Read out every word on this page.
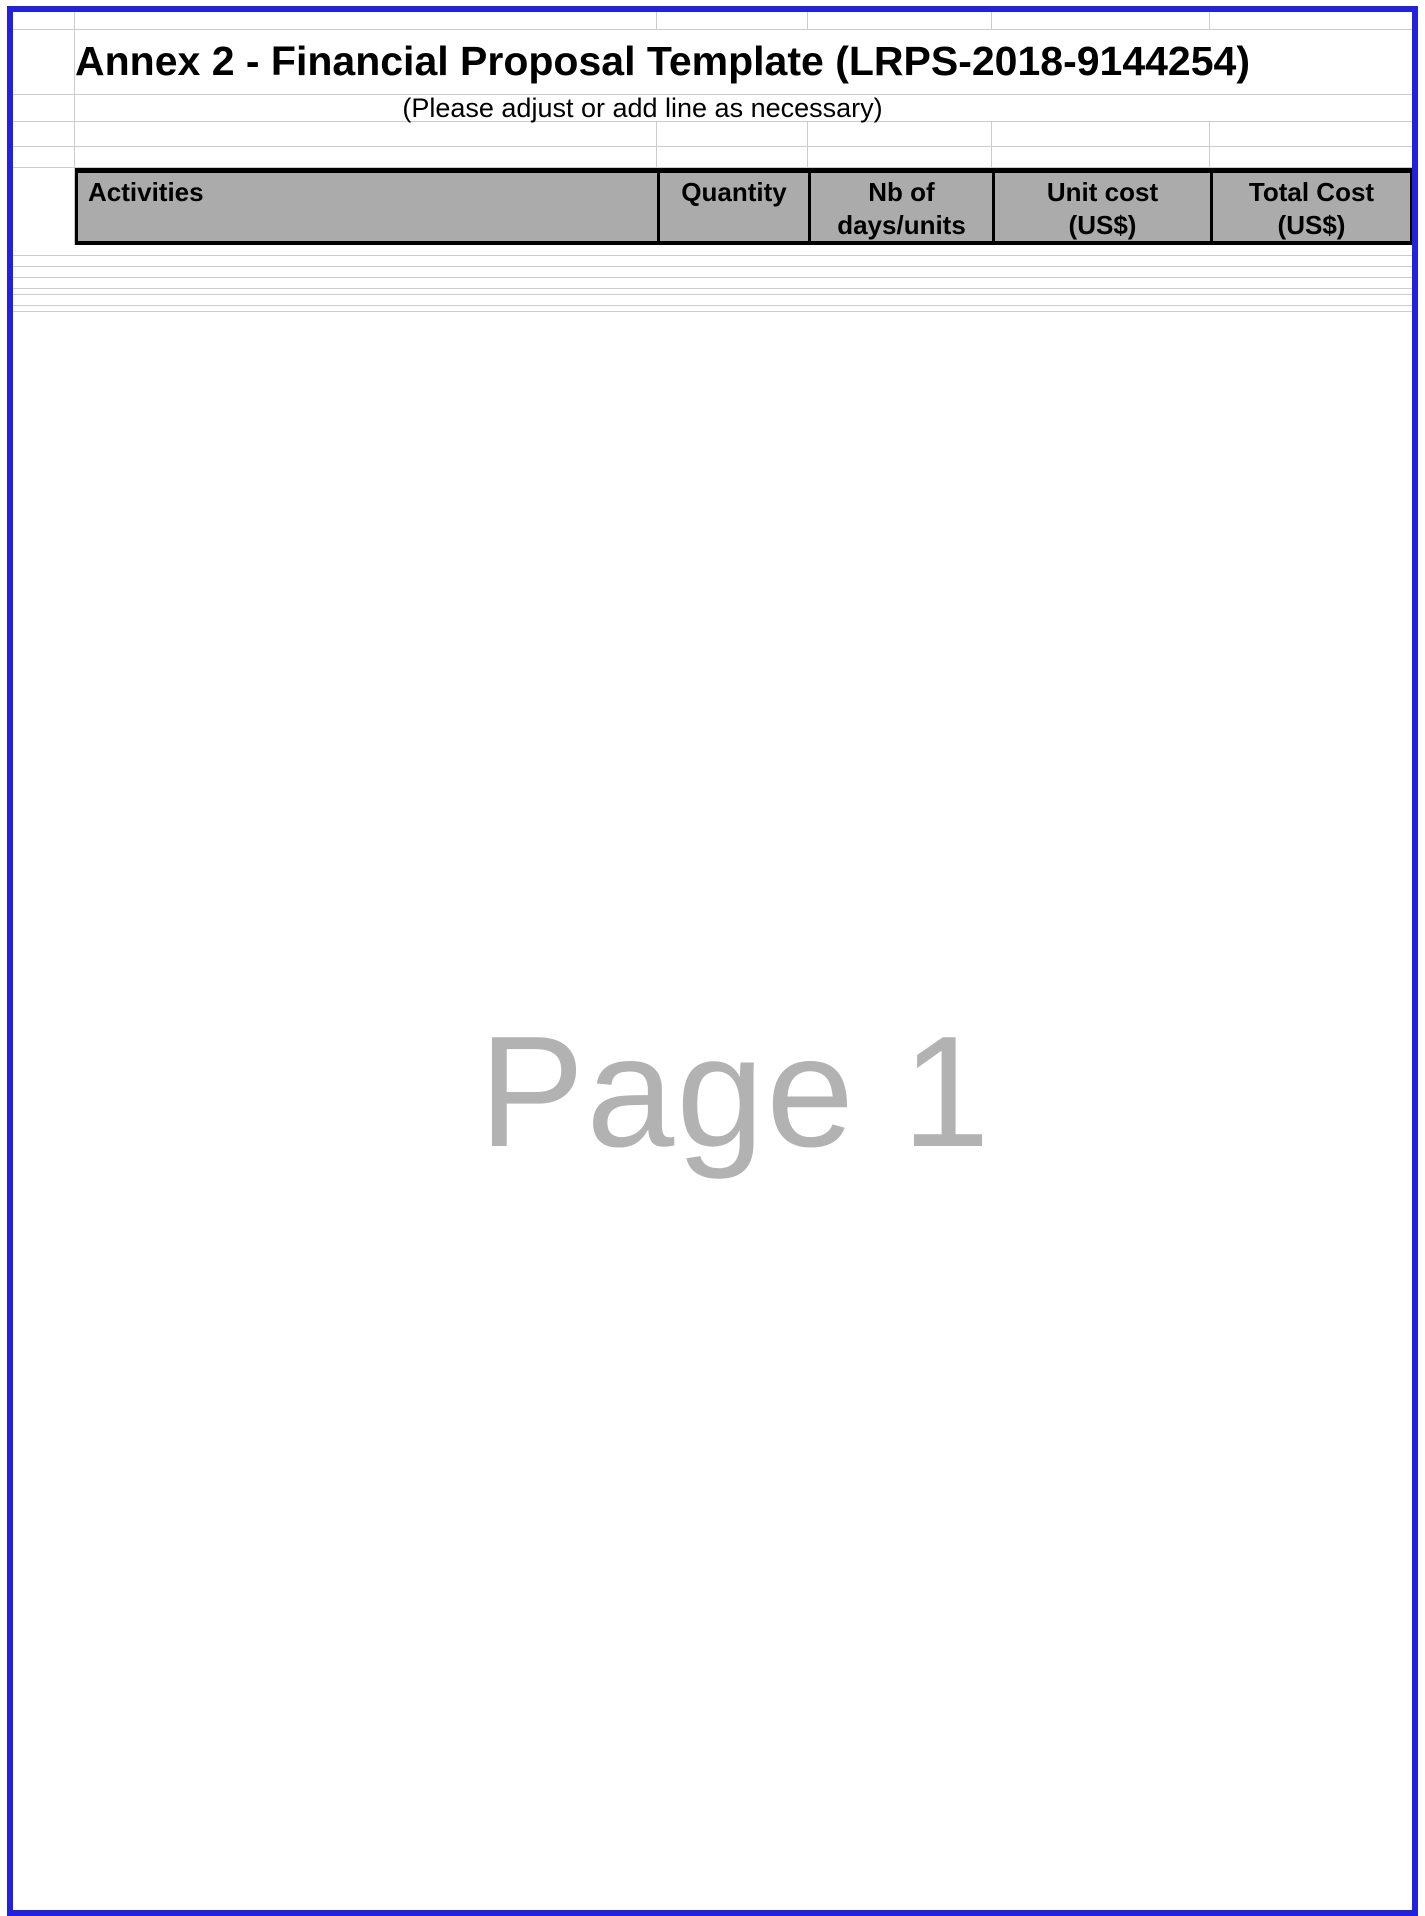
Annex 2 - Financial Proposal Template (LRPS-2018-9144254)
(Please adjust or add line as necessary)
Activities	Quantity	Nb of
days/units
Unit cost
(US$)
Total Cost
(US$)
Page 1
